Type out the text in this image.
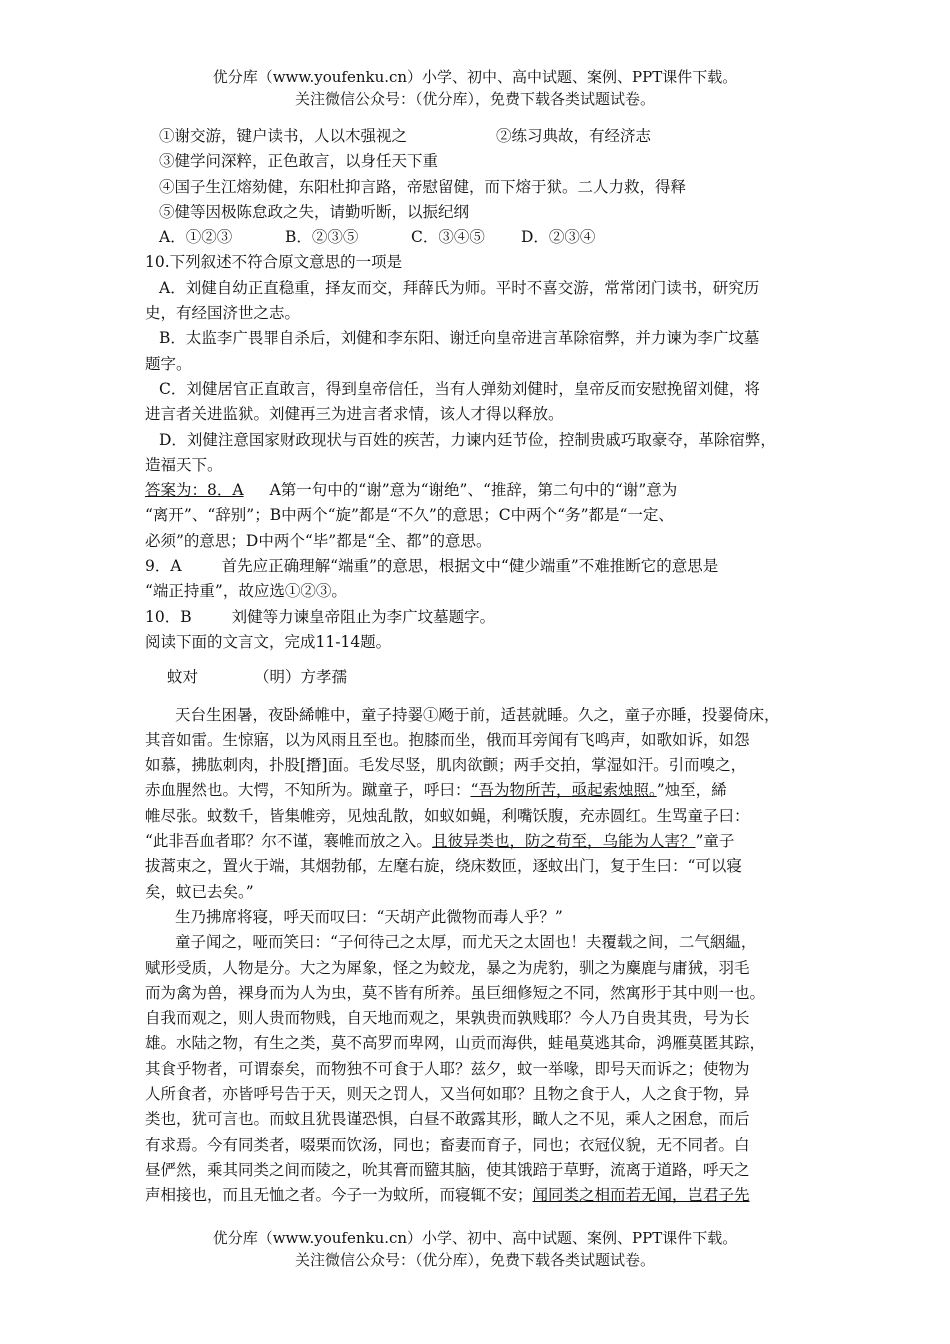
优分库（www.youfenku.cn）小学、初中、高中试题、案例、PPT课件下载。
关注微信公众号：（优分库），免费下载各类试题试卷。
①谢交游，键户读书，人以木强视之	②练习典故，有经济志
③健学问深粹，正色敢言，以身任天下重
④国子生江熔劾健，东阳杜抑言路，帝慰留健，而下熔于狱。二人力救，得释
⑤健等因极陈怠政之失，请勤听断，以振纪纲
A．①②③	B．②③⑤	C．③④⑤ D．②③④
10.下列叙述不符合原文意思的一项是
A．刘健自幼正直稳重，择友而交，拜薛氏为师。平时不喜交游，常常闭门读书，研究历
史，有经国济世之志。
B．太监李广畏罪自杀后，刘健和李东阳、谢迁向皇帝进言革除宿弊，并力谏为李广坟墓
题字。
C．刘健居官正直敢言，得到皇帝信任，当有人弹劾刘健时，皇帝反而安慰挽留刘健，将
进言者关进监狱。刘健再三为进言者求情，该人才得以释放。
D．刘健注意国家财政现状与百姓的疾苦，力谏内廷节俭，控制贵戚巧取豪夺，革除宿弊，
造福天下。
答案为：8．A A第一句中的“谢”意为“谢绝”、“推辞，第二句中的“谢”意为
“离开”、“辞别”；B中两个“旋”都是“不久”的意思；C中两个“务”都是“一定、
必须”的意思；D中两个“毕”都是“全、都”的意思。
9．A	首先应正确理解“端重”的意思，根据文中“健少端重”不难推断它的意思是
“端正持重”，故应选①②③。
10．B	刘健等力谏皇帝阻止为李广坟墓题字。
阅读下面的文言文，完成11-14题。
蚊对	（明）方孝孺
天台生困暑，夜卧絺帷中，童子持翣①飏于前，适甚就睡。久之，童子亦睡，投翣倚床，
其音如雷。生惊寤，以为风雨且至也。抱膝而坐，俄而耳旁闻有飞鸣声，如歌如诉，如怨
如慕，拂肱刺肉，扑股[撍]面。毛发尽竖，肌肉欲颤；两手交拍，掌湿如汗。引而嗅之，
赤血腥然也。大愕，不知所为。蹴童子，呼曰：“吾为物所苦，亟起索烛照。”烛至，絺
帷尽张。蚊数千，皆集帷旁，见烛乱散，如蚁如蝇，利嘴饫腹，充赤圆红。生骂童子曰：
“此非吾血者耶？尔不谨，褰帷而放之入。且彼异类也，防之苟至，乌能为人害？”童子
拔蒿束之，置火于端，其烟勃郁，左麾右旋，绕床数匝，逐蚊出门，复于生曰：“可以寝
矣，蚊已去矣。”
生乃拂席将寝，呼天而叹曰：“天胡产此微物而毒人乎？”
童子闻之，哑而笑曰：“子何待己之太厚，而尤天之太固也！夫覆载之间，二气絪緼，
赋形受质，人物是分。大之为犀象，怪之为蛟龙，暴之为虎豹，驯之为麋鹿与庸狨，羽毛
而为禽为兽，裸身而为人为虫，莫不皆有所养。虽巨细修短之不同，然寓形于其中则一也。
自我而观之，则人贵而物贱，自天地而观之，果孰贵而孰贱耶？今人乃自贵其贵，号为长
雄。水陆之物，有生之类，莫不高罗而卑网，山贡而海供，蛙黾莫逃其命，鸿雁莫匿其踪，
其食乎物者，可谓泰矣，而物独不可食于人耶？兹夕，蚊一举喙，即号天而诉之；使物为
人所食者，亦皆呼号告于天，则天之罚人，又当何如耶？且物之食于人，人之食于物，异
类也，犹可言也。而蚊且犹畏谨恐惧，白昼不敢露其形，瞰人之不见，乘人之困怠，而后
有求焉。今有同类者，啜栗而饮汤，同也；畜妻而育子，同也；衣冠仪貌，无不同者。白
昼俨然，乘其同类之间而陵之，吮其膏而盬其脑，使其饿踣于草野，流离于道路，呼天之
声相接也，而且无恤之者。今子一为蚊所，而寝辄不安；闻同类之相而若无闻，岂君子先
优分库（www.youfenku.cn）小学、初中、高中试题、案例、PPT课件下载。
关注微信公众号：（优分库），免费下载各类试题试卷。
